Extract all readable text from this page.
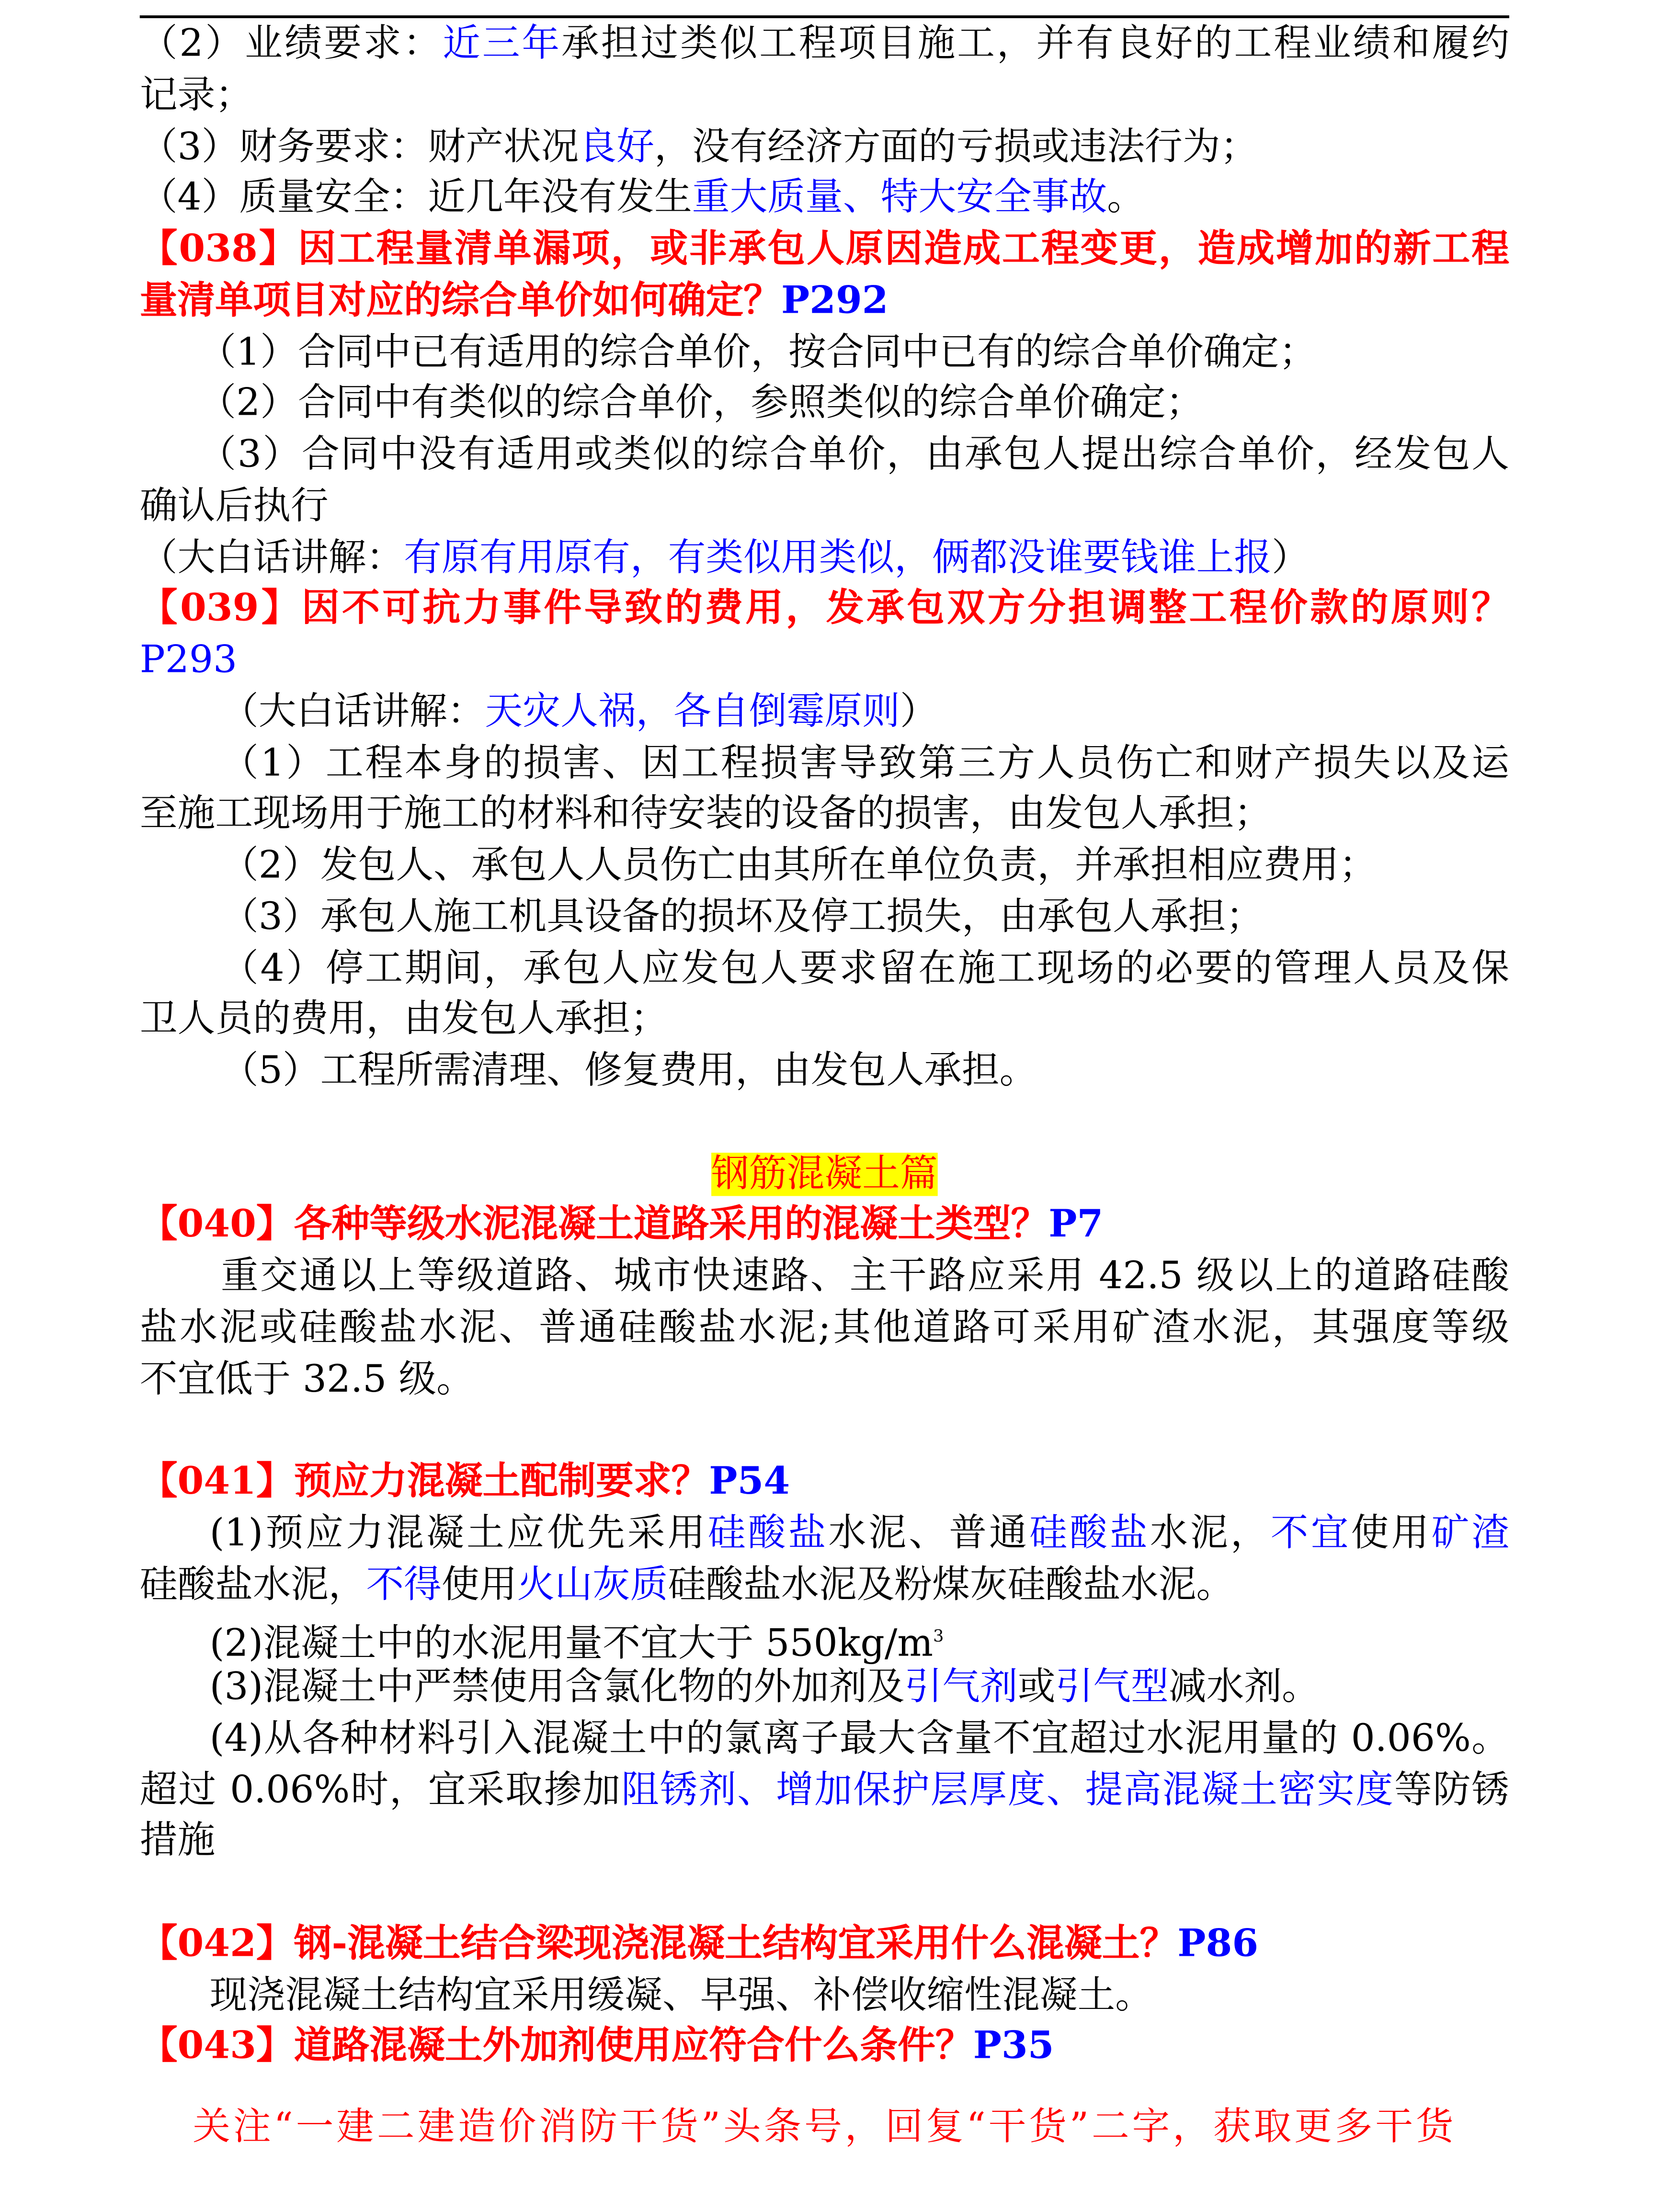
（2）业绩要求：近三年承担过类似工程项目施工，并有良好的工程业绩和履约
记录；
（3）财务要求：财产状况良好，没有经济方面的亏损或违法行为；
（4）质量安全：近几年没有发生重大质量、特大安全事故。
【038】因工程量清单漏项，或非承包人原因造成工程变更，造成增加的新工程
量清单项目对应的综合单价如何确定？P292
（1）合同中已有适用的综合单价，按合同中已有的综合单价确定；
（2）合同中有类似的综合单价，参照类似的综合单价确定；
（3）合同中没有适用或类似的综合单价，由承包人提出综合单价，经发包人
确认后执行
（大白话讲解：有原有用原有，有类似用类似，俩都没谁要钱谁上报）
【039】因不可抗力事件导致的费用，发承包双方分担调整工程价款的原则？
P293
（大白话讲解：天灾人祸，各自倒霉原则）
（1）工程本身的损害、因工程损害导致第三方人员伤亡和财产损失以及运
至施工现场用于施工的材料和待安装的设备的损害，由发包人承担；
（2）发包人、承包人人员伤亡由其所在单位负责，并承担相应费用；
（3）承包人施工机具设备的损坏及停工损失，由承包人承担；
（4）停工期间，承包人应发包人要求留在施工现场的必要的管理人员及保
卫人员的费用，由发包人承担；
（5）工程所需清理、修复费用，由发包人承担。
钢筋混凝土篇
【040】各种等级水泥混凝土道路采用的混凝土类型？P7
重交通以上等级道路、城市快速路、主干路应采用 42.5 级以上的道路硅酸
盐水泥或硅酸盐水泥、普通硅酸盐水泥;其他道路可采用矿渣水泥，其强度等级
不宜低于 32.5 级。
【041】预应力混凝土配制要求？P54
(1)预应力混凝土应优先采用硅酸盐水泥、普通硅酸盐水泥，不宜使用矿渣
硅酸盐水泥，不得使用火山灰质硅酸盐水泥及粉煤灰硅酸盐水泥。
(2)混凝土中的水泥用量不宜大于 $550kg/m^3$
(3)混凝土中严禁使用含氯化物的外加剂及引气剂或引气型减水剂。
(4)从各种材料引入混凝土中的氯离子最大含量不宜超过水泥用量的 0.06%。
超过 0.06%时，宜采取掺加阻锈剂、增加保护层厚度、提高混凝土密实度等防锈
措施
【042】钢-混凝土结合梁现浇混凝土结构宜采用什么混凝土？P86
现浇混凝土结构宜采用缓凝、早强、补偿收缩性混凝土。
【043】道路混凝土外加剂使用应符合什么条件？P35
关注“一建二建造价消防干货”头条号，回复“干货”二字，获取更多干货
